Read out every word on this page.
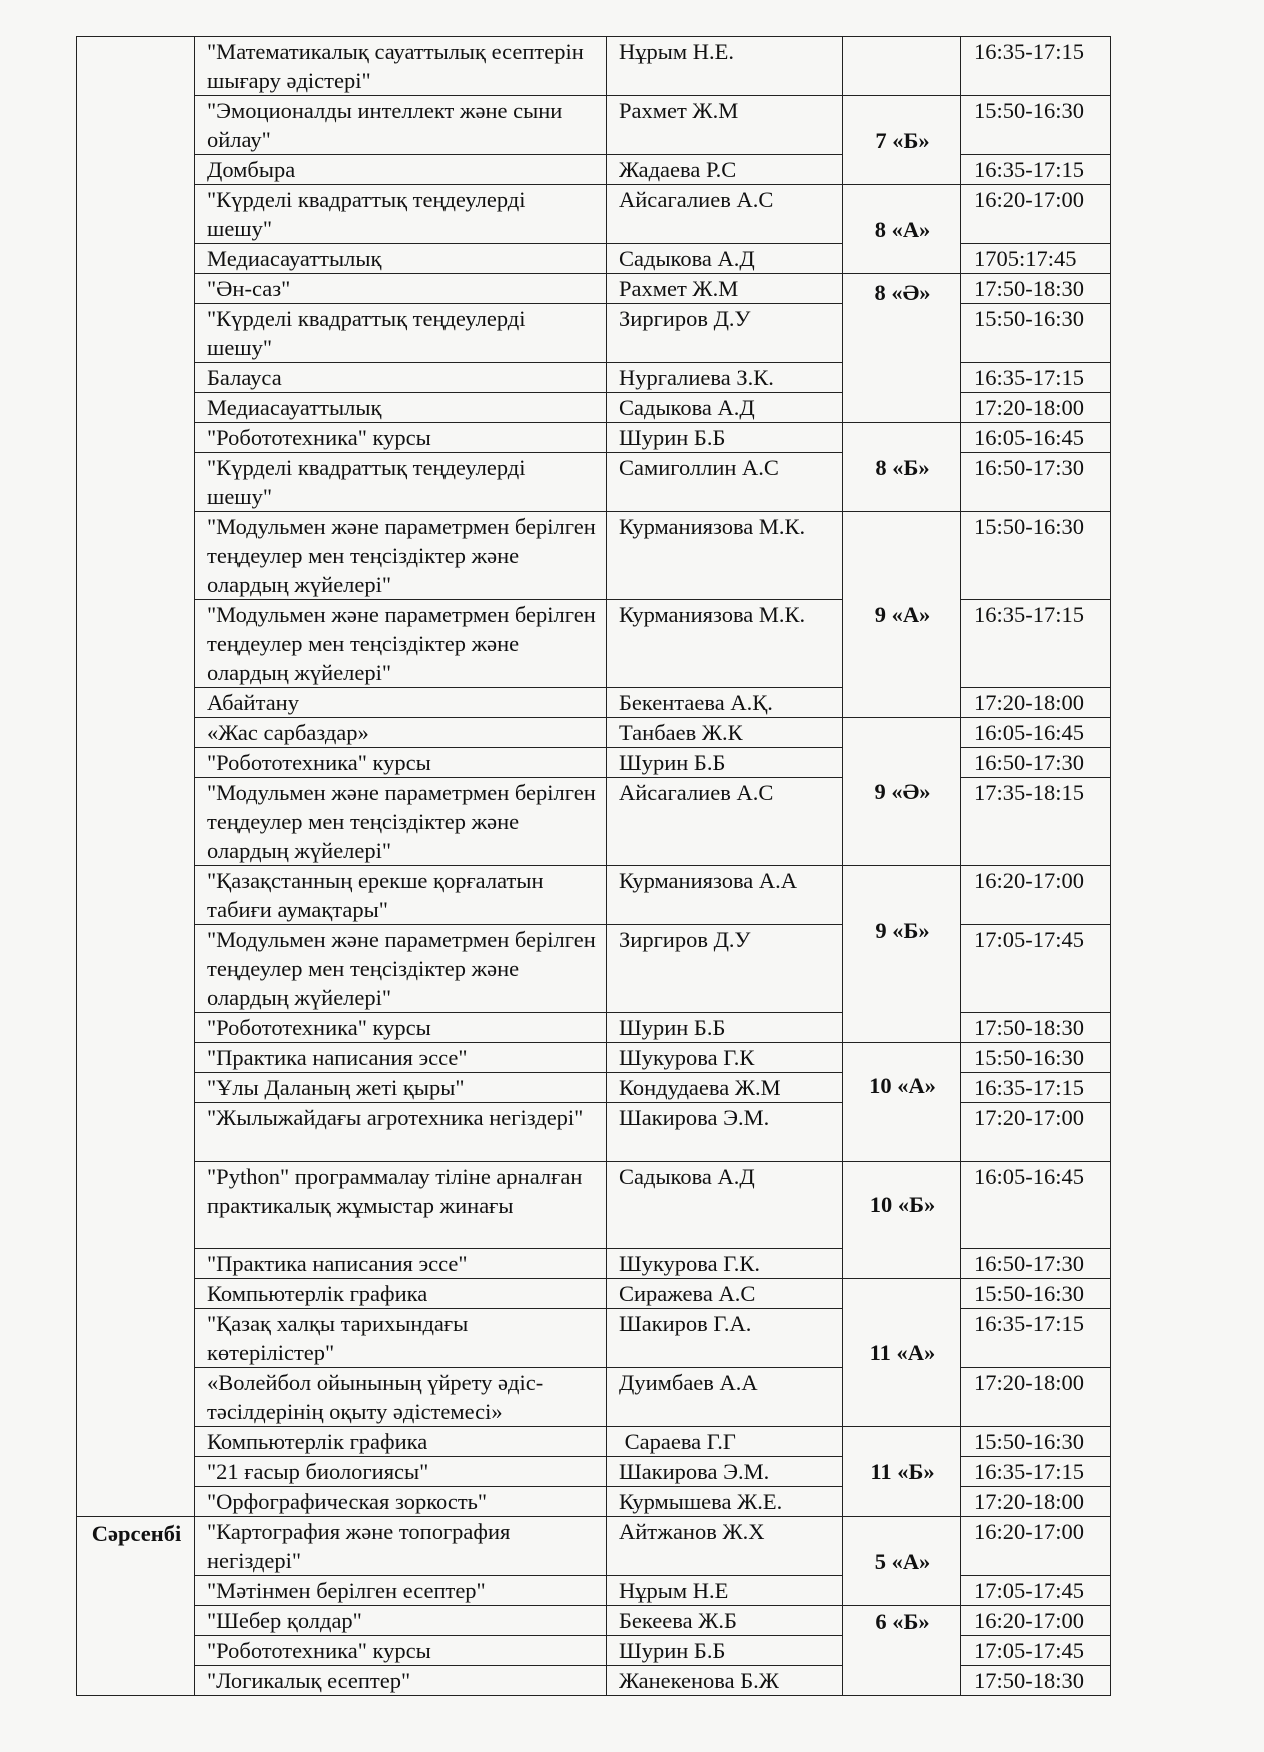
	"Математикалық сауаттылық есептерін шығару әдістері"	Нұрым Н.Е.		16:35-17:15
	"Эмоционалды интеллект және сыни ойлау"	Рахмет Ж.М	7 «Б»	15:50-16:30
	Домбыра	Жадаева Р.С		16:35-17:15
	"Күрделі квадраттық теңдеулерді шешу"	Айсагалиев А.С	8 «А»	16:20-17:00
	Медиасауаттылық	Садыкова А.Д		1705:17:45
	"Ән-саз"	Рахмет Ж.М	8 «Ә»	17:50-18:30
	"Күрделі квадраттық теңдеулерді шешу"	Зиргиров Д.У		15:50-16:30
	Балауса	Нургалиева З.К.		16:35-17:15
	Медиасауаттылық	Садыкова А.Д		17:20-18:00
	"Робототехника" курсы	Шурин Б.Б	8 «Б»	16:05-16:45
	"Күрделі квадраттық теңдеулерді шешу"	Самиголлин А.С		16:50-17:30
	"Модульмен және параметрмен берілген теңдеулер мен теңсіздіктер және олардың жүйелері"	Курманиязова М.К.	9 «А»	15:50-16:30
	"Модульмен және параметрмен берілген теңдеулер мен теңсіздіктер және олардың жүйелері"	Курманиязова М.К.		16:35-17:15
	Абайтану	Бекентаева А.Қ.		17:20-18:00
	«Жас сарбаздар»	Танбаев Ж.К	9 «Ә»	16:05-16:45
	"Робототехника" курсы	Шурин Б.Б		16:50-17:30
	"Модульмен және параметрмен берілген теңдеулер мен теңсіздіктер және олардың жүйелері"	Айсагалиев А.С		17:35-18:15
	"Қазақстанның ерекше қорғалатын табиғи аумақтары"	Курманиязова А.А	9 «Б»	16:20-17:00
	"Модульмен және параметрмен берілген теңдеулер мен теңсіздіктер және олардың жүйелері"	Зиргиров Д.У		17:05-17:45
	"Робототехника" курсы	Шурин Б.Б		17:50-18:30
	"Практика написания эссе"	Шукурова Г.К	10 «А»	15:50-16:30
	"Ұлы Даланың жеті қыры"	Кондудаева Ж.М		16:35-17:15
	"Жылыжайдағы агротехника негіздері"	Шакирова Э.М.		17:20-17:00
	"Python" программалау тіліне арналған практикалық жұмыстар жинағы	Садыкова А.Д	10 «Б»	16:05-16:45
	"Практика написания эссе"	Шукурова Г.К.		16:50-17:30
	Компьютерлік графика	Сиражева А.С	11 «А»	15:50-16:30
	"Қазақ халқы тарихындағы көтерілістер"	Шакиров Г.А.		16:35-17:15
	«Волейбол ойынының үйрету әдіс-тәсілдерінің оқыту әдістемесі»	Дуимбаев А.А		17:20-18:00
	Компьютерлік графика	Сараева Г.Г	11 «Б»	15:50-16:30
	"21 ғасыр биологиясы"	Шакирова Э.М.		16:35-17:15
	"Орфографическая зоркость"	Курмышева Ж.Е.		17:20-18:00
Сәрсенбі	"Картография және топография негіздері"	Айтжанов Ж.Х	5 «А»	16:20-17:00
	"Мәтінмен берілген есептер"	Нұрым Н.Е		17:05-17:45
	"Шебер қолдар"	Бекеева Ж.Б	6 «Б»	16:20-17:00
	"Робототехника" курсы	Шурин Б.Б		17:05-17:45
	"Логикалық есептер"	Жанекенова Б.Ж		17:50-18:30
